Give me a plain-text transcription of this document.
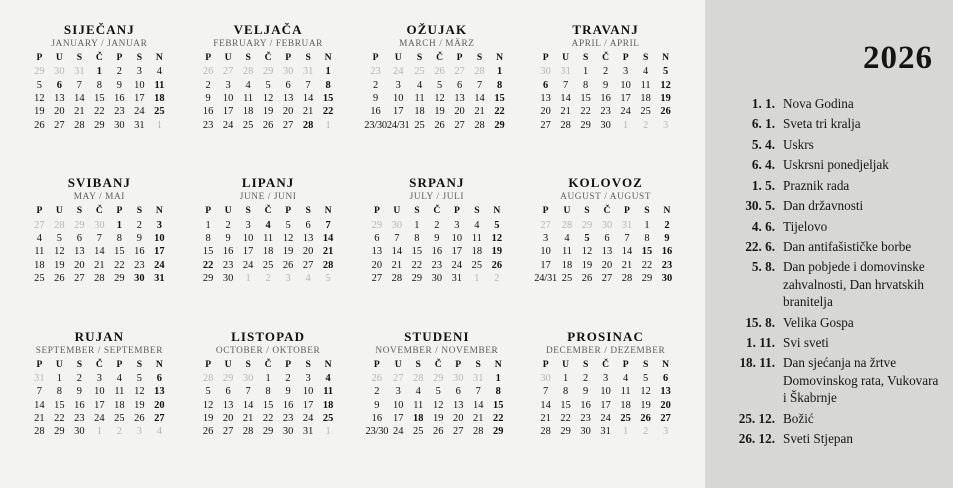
SIJEČANJ
JANUARY / JANUAR
P	U	S	Č	P	S	N
29	30	31	1	2	3	4
5	6	7	8	9	10	11
12	13	14	15	16	17	18
19	20	21	22	23	24	25
26	27	28	29	30	31	1
VELJAČA
FEBRUARY / FEBRUAR
P	U	S	Č	P	S	N
26	27	28	29	30	31	1
2	3	4	5	6	7	8
9	10	11	12	13	14	15
16	17	18	19	20	21	22
23	24	25	26	27	28	1
OŽUJAK
MARCH / MÄRZ
P	U	S	Č	P	S	N
23	24	25	26	27	28	1
2	3	4	5	6	7	8
9	10	11	12	13	14	15
16	17	18	19	20	21	22
23/30	24/31	25	26	27	28	29
TRAVANJ
APRIL / APRIL
P	U	S	Č	P	S	N
30	31	1	2	3	4	5
6	7	8	9	10	11	12
13	14	15	16	17	18	19
20	21	22	23	24	25	26
27	28	29	30	1	2	3
SVIBANJ
MAY / MAI
P	U	S	Č	P	S	N
27	28	29	30	1	2	3
4	5	6	7	8	9	10
11	12	13	14	15	16	17
18	19	20	21	22	23	24
25	26	27	28	29	30	31
LIPANJ
JUNE / JUNI
P	U	S	Č	P	S	N
1	2	3	4	5	6	7
8	9	10	11	12	13	14
15	16	17	18	19	20	21
22	23	24	25	26	27	28
29	30	1	2	3	4	5
SRPANJ
JULY / JULI
P	U	S	Č	P	S	N
29	30	1	2	3	4	5
6	7	8	9	10	11	12
13	14	15	16	17	18	19
20	21	22	23	24	25	26
27	28	29	30	31	1	2
KOLOVOZ
AUGUST / AUGUST
P	U	S	Č	P	S	N
27	28	29	30	31	1	2
3	4	5	6	7	8	9
10	11	12	13	14	15	16
17	18	19	20	21	22	23
24/31	25	26	27	28	29	30
RUJAN
SEPTEMBER / SEPTEMBER
P	U	S	Č	P	S	N
31	1	2	3	4	5	6
7	8	9	10	11	12	13
14	15	16	17	18	19	20
21	22	23	24	25	26	27
28	29	30	1	2	3	4
LISTOPAD
OCTOBER / OKTOBER
P	U	S	Č	P	S	N
28	29	30	1	2	3	4
5	6	7	8	9	10	11
12	13	14	15	16	17	18
19	20	21	22	23	24	25
26	27	28	29	30	31	1
STUDENI
NOVEMBER / NOVEMBER
P	U	S	Č	P	S	N
26	27	28	29	30	31	1
2	3	4	5	6	7	8
9	10	11	12	13	14	15
16	17	18	19	20	21	22
23/30	24	25	26	27	28	29
PROSINAC
DECEMBER / DEZEMBER
P	U	S	Č	P	S	N
30	1	2	3	4	5	6
7	8	9	10	11	12	13
14	15	16	17	18	19	20
21	22	23	24	25	26	27
28	29	30	31	1	2	3
2026
1. 1. Nova Godina
6. 1. Sveta tri kralja
5. 4. Uskrs
6. 4. Uskrsni ponedjeljak
1. 5. Praznik rada
30. 5. Dan državnosti
4. 6. Tijelovo
22. 6. Dan antifašističke borbe
5. 8. Dan pobjede i domovinske zahvalnosti, Dan hrvatskih branitelja
15. 8. Velika Gospa
1. 11. Svi sveti
18. 11. Dan sjećanja na žrtve Domovinskog rata, Vukovara i Škabrnje
25. 12. Božić
26. 12. Sveti Stjepan
